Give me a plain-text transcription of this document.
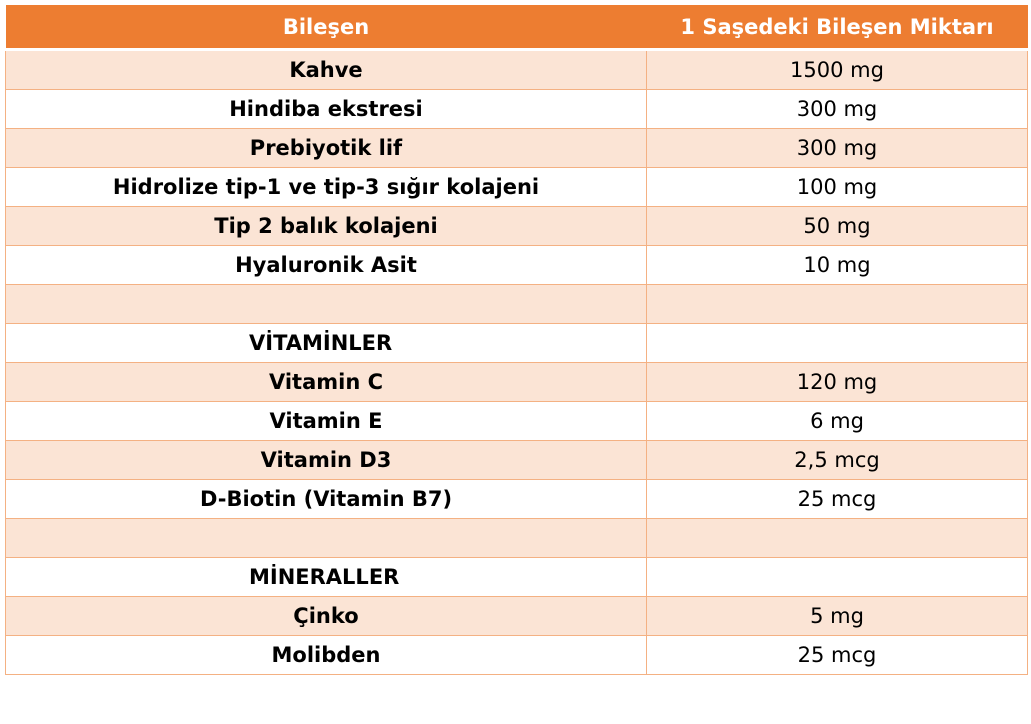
Bileşen	1 Saşedeki Bileşen Miktarı
Kahve	1500 mg
Hindiba ekstresi	300 mg
Prebiyotik lif	300 mg
Hidrolize tip-1 ve tip-3 sığır kolajeni	100 mg
Tip 2 balık kolajeni	50 mg
Hyaluronik Asit	10 mg

VİTAMİNLER	
Vitamin C	120 mg
Vitamin E	6 mg
Vitamin D3	2,5 mcg
D-Biotin (Vitamin B7)	25 mcg

MİNERALLER	
Çinko	5 mg
Molibden	25 mcg
